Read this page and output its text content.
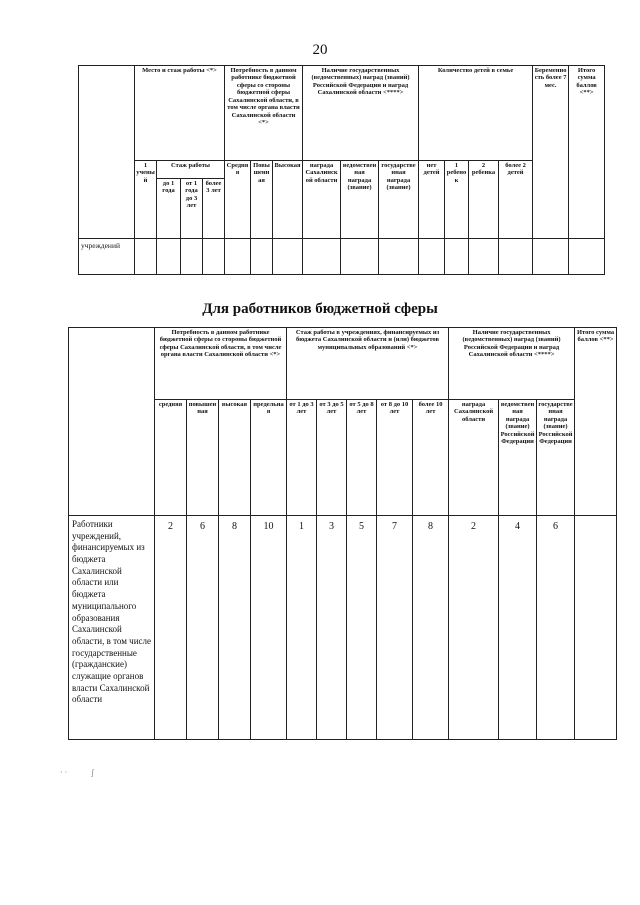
20
	Место и стаж работы <*>				Потребность в данном работнике бюджетной сферы со стороны бюджетной сферы Сахалинской области, в том числе органа власти Сахалинской области <*>			Наличие государственных (ведомственных) наград (званий) Российской Федерации и наград Сахалинской области <****>			Количество детей в семье				Беременность более 7 мес.	Итого сумма баллов <**>
	1 учены й	Стаж работы			Средняя	Повышенная	Высокая	награда Сахалинской области	ведомственная награда (звание)	государственная награда (звание)	нет детей	1 ребенок	2 ребенка	более 2 детей		
		до 1 года	от 1 года до 3 лет	более 3 лет												
учреждений																
Для работников бюджетной сферы
	Потребность в данном работнике бюджетной сферы со стороны бюджетной сферы Сахалинской области, в том числе органа власти Сахалинской области <*>				Стаж работы в учреждениях, финансируемых из бюджета Сахалинской области и (или) бюджетов муниципальных образований <*>					Наличие государственных (ведомственных) наград (званий) Российской Федерации и наград Сахалинской области <****>			Итого сумма баллов <**>
	средняя	повышенная	высокая	предельная	от 1 до 3 лет	от 3 до 5 лет	от 5 до 8 лет	от 8 до 10 лет	более 10 лет	награда Сахалинской области	ведомственная награда (звание) Российской Федерации	государственная награда (звание) Российской Федерации	
Работники учреждений, финансируемых из бюджета Сахалинской области или бюджета муниципального образования Сахалинской области, в том числе государственные (гражданские) служащие органов власти Сахалинской области	2	6	8	10	1	3	5	7	8	2	4	6	
· ·            ʃ
